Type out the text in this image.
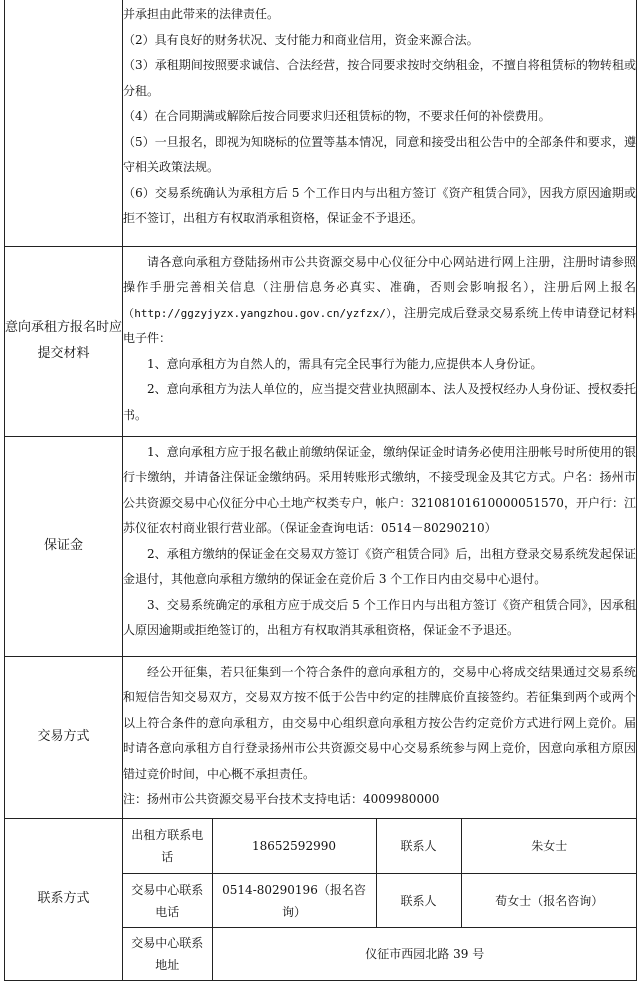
并承担由此带来的法律责任。

（2）具有良好的财务状况、支付能力和商业信用，资金来源合法。

（3）承租期间按照要求诚信、合法经营，按合同要求按时交纳租金，不擅自将租赁标的物转租或分租。

（4）在合同期满或解除后按合同要求归还租赁标的物，不要求任何的补偿费用。

（5）一旦报名，即视为知晓标的位置等基本情况，同意和接受出租公告中的全部条件和要求，遵守相关政策法规。

（6）交易系统确认为承租方后 5 个工作日内与出租方签订《资产租赁合同》，因我方原因逾期或拒不签订，出租方有权取消承租资格，保证金不予退还。

意向承租方报名时应提交材料	

请各意向承租方登陆扬州市公共资源交易中心仪征分中心网站进行网上注册，注册时请参照操作手册完善相关信息（注册信息务必真实、准确，否则会影响报名），注册后网上报名（http://ggzyjyzx.yangzhou.gov.cn/yzfzx/），注册完成后登录交易系统上传申请登记材料电子件：

1、意向承租方为自然人的，需具有完全民事行为能力,应提供本人身份证。

2、意向承租方为法人单位的，应当提交营业执照副本、法人及授权经办人身份证、授权委托书。

保证金	

1、意向承租方应于报名截止前缴纳保证金，缴纳保证金时请务必使用注册帐号时所使用的银行卡缴纳，并请备注保证金缴纳码。采用转账形式缴纳，不接受现金及其它方式。户名：扬州市公共资源交易中心仪征分中心土地产权类专户，帐户：32108101610000051570，开户行：江苏仪征农村商业银行营业部。（保证金查询电话：0514－80290210）

2、承租方缴纳的保证金在交易双方签订《资产租赁合同》后，出租方登录交易系统发起保证金退付，其他意向承租方缴纳的保证金在竞价后 3 个工作日内由交易中心退付。

3、交易系统确定的承租方应于成交后 5 个工作日内与出租方签订《资产租赁合同》，因承租人原因逾期或拒绝签订的，出租方有权取消其承租资格，保证金不予退还。

交易方式	

经公开征集，若只征集到一个符合条件的意向承租方的，交易中心将成交结果通过交易系统和短信告知交易双方，交易双方按不低于公告中约定的挂牌底价直接签约。若征集到两个或两个以上符合条件的意向承租方，由交易中心组织意向承租方按公告约定竞价方式进行网上竞价。届时请各意向承租方自行登录扬州市公共资源交易中心交易系统参与网上竞价，因意向承租方原因错过竞价时间，中心概不承担责任。

注：扬州市公共资源交易平台技术支持电话：4009980000

联系方式	
出租方联系电话	18652592990	联系人	朱女士
交易中心联系电话	0514-80290196（报名咨询）	联系人	荀女士（报名咨询）
交易中心联系地址	仪征市西园北路 39 号
